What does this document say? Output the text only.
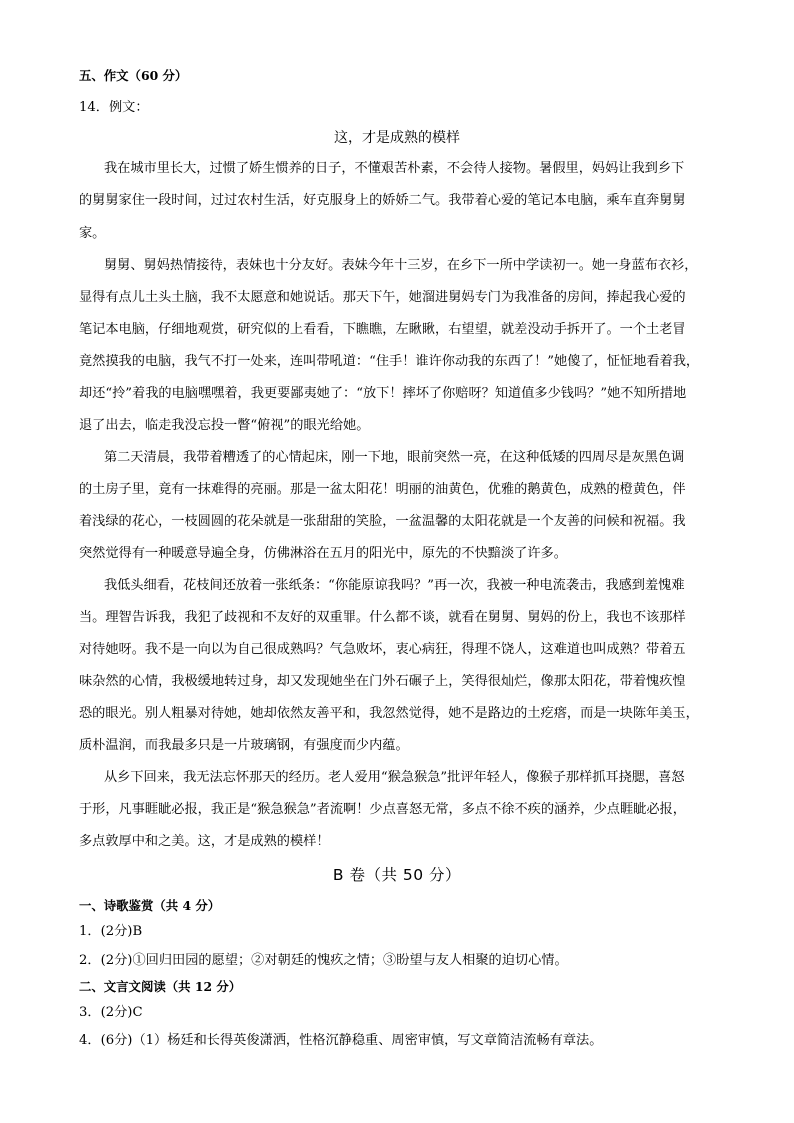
五、作文（60 分）
14．例文：
这，才是成熟的模样
我在城市里长大，过惯了娇生惯养的日子，不懂艰苦朴素，不会待人接物。暑假里，妈妈让我到乡下
的舅舅家住一段时间，过过农村生活，好克服身上的娇娇二气。我带着心爱的笔记本电脑，乘车直奔舅舅
家。
舅舅、舅妈热情接待，表妹也十分友好。表妹今年十三岁，在乡下一所中学读初一。她一身蓝布衣衫，
显得有点儿土头土脑，我不太愿意和她说话。那天下午，她溜进舅妈专门为我准备的房间，捧起我心爱的
笔记本电脑，仔细地观赏，研究似的上看看，下瞧瞧，左瞅瞅，右望望，就差没动手拆开了。一个土老冒
竟然摸我的电脑，我气不打一处来，连叫带吼道：“住手！谁许你动我的东西了！”她傻了，怔怔地看着我，
却还“拎”着我的电脑嘿嘿着，我更要鄙夷她了：“放下！摔坏了你赔呀？知道值多少钱吗？”她不知所措地
退了出去，临走我没忘投一瞥“俯视”的眼光给她。
第二天清晨，我带着糟透了的心情起床，刚一下地，眼前突然一亮，在这种低矮的四周尽是灰黑色调
的土房子里，竟有一抹难得的亮丽。那是一盆太阳花！明丽的油黄色，优雅的鹅黄色，成熟的橙黄色，伴
着浅绿的花心，一枝圆圆的花朵就是一张甜甜的笑脸，一盆温馨的太阳花就是一个友善的问候和祝福。我
突然觉得有一种暖意导遍全身，仿佛淋浴在五月的阳光中，原先的不快黯淡了许多。
我低头细看，花枝间还放着一张纸条：“你能原谅我吗？”再一次，我被一种电流袭击，我感到羞愧难
当。理智告诉我，我犯了歧视和不友好的双重罪。什么都不谈，就看在舅舅、舅妈的份上，我也不该那样
对待她呀。我不是一向以为自己很成熟吗？气急败坏，衷心病狂，得理不饶人，这难道也叫成熟？带着五
味杂然的心情，我极缓地转过身，却又发现她坐在门外石碾子上，笑得很灿烂，像那太阳花，带着愧疚惶
恐的眼光。别人粗暴对待她，她却依然友善平和，我忽然觉得，她不是路边的土疙瘩，而是一块陈年美玉，
质朴温润，而我最多只是一片玻璃钢，有强度而少内蕴。
从乡下回来，我无法忘怀那天的经历。老人爱用“猴急猴急”批评年轻人，像猴子那样抓耳挠腮，喜怒
于形，凡事睚眦必报，我正是“猴急猴急”者流啊！少点喜怒无常，多点不徐不疾的涵养，少点睚眦必报，
多点敦厚中和之美。这，才是成熟的模样！
B 卷（共 50 分）
一、诗歌鉴赏（共 4 分）
1．(2分)B
2．(2分)①回归田园的愿望；②对朝廷的愧疚之情；③盼望与友人相聚的迫切心情。
二、文言文阅读（共 12 分）
3．(2分)C
4．(6分)（1）杨廷和长得英俊潇洒，性格沉静稳重、周密审慎，写文章简洁流畅有章法。
